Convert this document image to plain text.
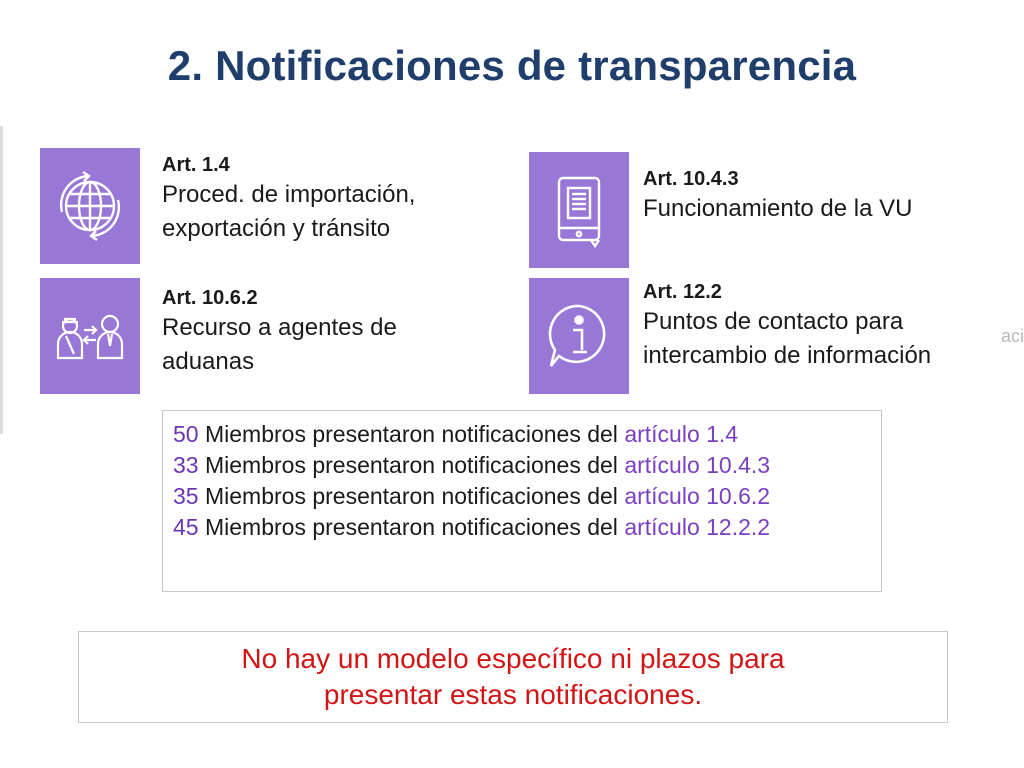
2. Notificaciones de transparencia
aci
Art. 1.4
Proced. de importación,
exportación y tránsito
Art. 10.4.3
Funcionamiento de la VU
Art. 10.6.2
Recurso a agentes de
aduanas
Art. 12.2
Puntos de contacto para
intercambio de información
50 Miembros presentaron notificaciones del artículo 1.4
33 Miembros presentaron notificaciones del artículo 10.4.3
35 Miembros presentaron notificaciones del artículo 10.6.2
45 Miembros presentaron notificaciones del artículo 12.2.2
No hay un modelo específico ni plazos para
presentar estas notificaciones.
